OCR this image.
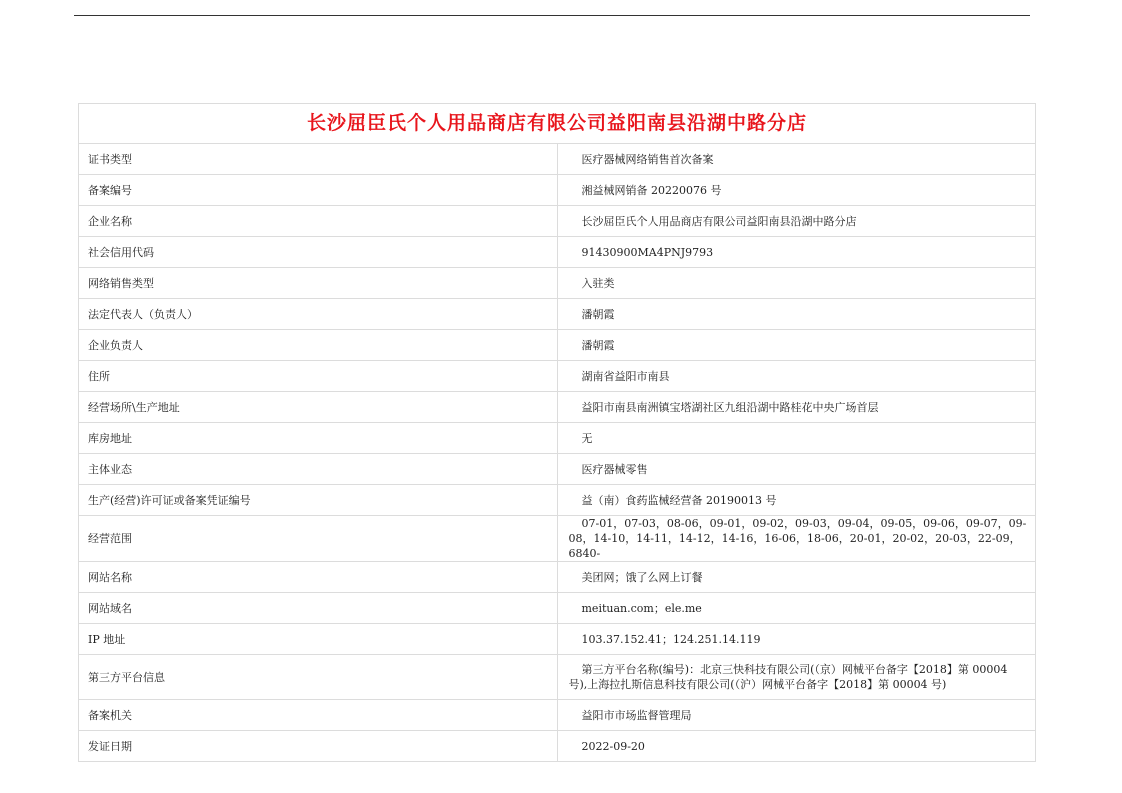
长沙屈臣氏个人用品商店有限公司益阳南县沿湖中路分店	
证书类型	医疗器械网络销售首次备案
备案编号	湘益械网销备 20220076 号
企业名称	长沙屈臣氏个人用品商店有限公司益阳南县沿湖中路分店
社会信用代码	91430900MA4PNJ9793
网络销售类型	入驻类
法定代表人（负责人）	潘朝霞
企业负责人	潘朝霞
住所	湖南省益阳市南县
经营场所\生产地址	益阳市南县南洲镇宝塔湖社区九组沿湖中路桂花中央广场首层
库房地址	无
主体业态	医疗器械零售
生产(经营)许可证或备案凭证编号	益（南）食药监械经营备 20190013 号
经营范围	07-01，07-03，08-06，09-01，09-02，09-03，09-04，09-05，09-06，09-07，09-08，14-10，14-11，14-12，14-16，16-06，18-06，20-01，20-02，20-03，22-09，6840-

网站名称	美团网；饿了么网上订餐
网站域名	meituan.com；ele.me
IP 地址	103.37.152.41；124.251.14.119
第三方平台信息	第三方平台名称(编号)：北京三快科技有限公司(（京）网械平台备字【2018】第 00004 号),上海拉扎斯信息科技有限公司(（沪）网械平台备字【2018】第 00004 号)

备案机关	益阳市市场监督管理局
发证日期	2022-09-20
